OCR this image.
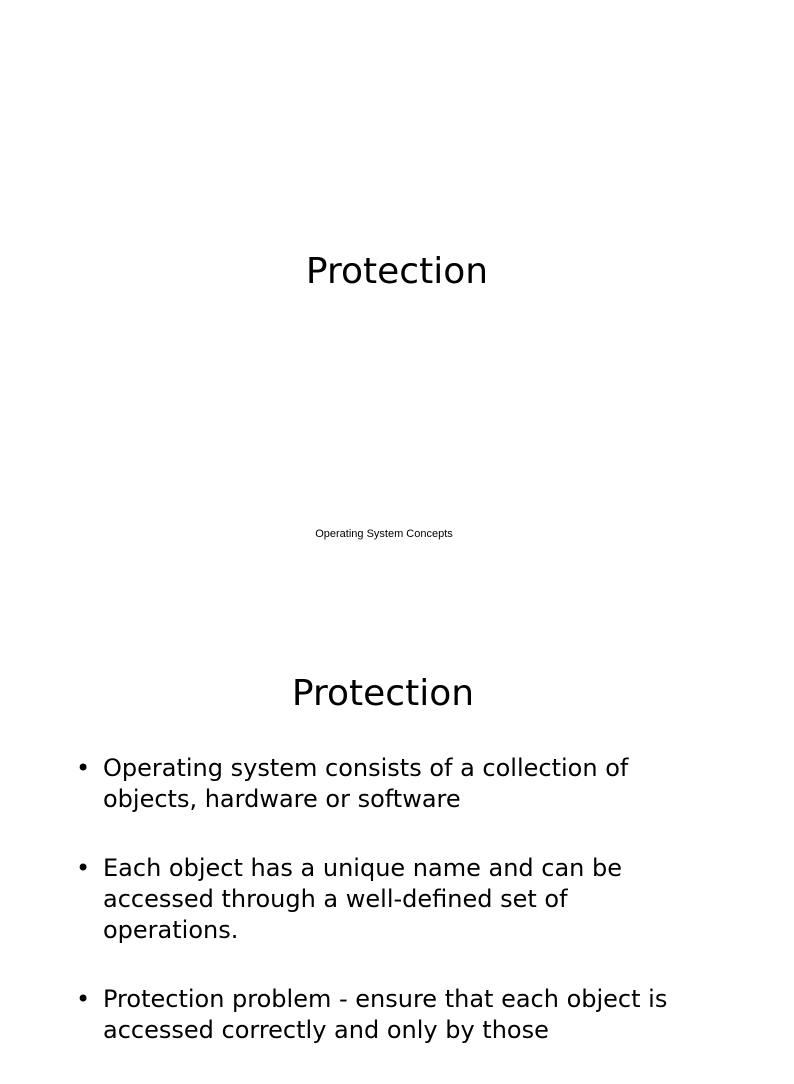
Protection
Operating System Concepts
Protection
• Operating system consists of a collection of objects, hardware or software
• Each object has a unique name and can be accessed through a well-defined set of operations.
• Protection problem - ensure that each object is accessed correctly and only by those
